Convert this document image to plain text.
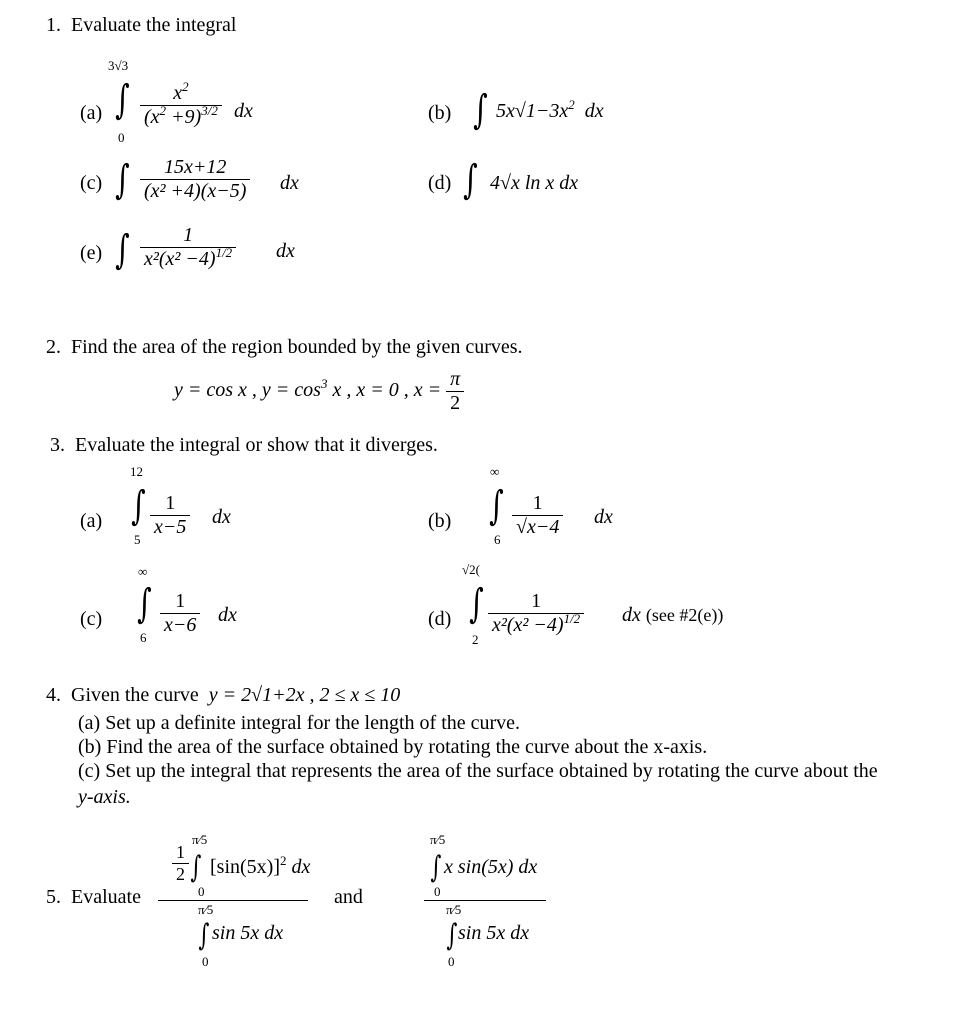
1. Evaluate the integral
(a)
3√3
∫
0
$\frac{x^2}{(x^2 +9)^{3/2}}$ dx	(b) ∫ $5x√1-3x^2$ dx
(c) ∫ $\frac{15x+12}{\text{(x² +4)(x−5)}}$ dx	(d) ∫ 4√x ln x dx
(e) ∫ $\frac{1}{x^2(x^2 -4)^{1/2}}$ dx
2. Find the area of the region bounded by the given curves.
y = cos x , $y = \cos^3 x$ , x = 0 , $x = \frac{\pi}{2}$
3. Evaluate the integral or show that it diverges.
(a)
12
∫
5
$\frac{1}{x-5}$ dx	(b)
∞
∫
6
$\frac{1}{√x-4}$ dx
(c)
∞
∫
6
$\frac{1}{x-6}$ dx	(d)
√2(
∫
2
$\frac{1}{x^2(x^2 -4)^{1/2}}$ dx (see #2(e))
4. Given the curve y = 2√1+2x , 2 ≤ x ≤ 10
(a) Set up a definite integral for the length of the curve.
(b) Find the area of the surface obtained by rotating the curve about the x-axis.
(c) Set up the integral that represents the area of the surface obtained by rotating the curve about the
y-axis.
5. Evaluate
$\frac{1}{2}$
π⁄5
∫
0
$[\sin(5x)]^2$ dx
π⁄5
∫
0
sin 5x dx
and
π⁄5
∫
0
x sin(5x) dx
π⁄5
∫
0
sin 5x dx
